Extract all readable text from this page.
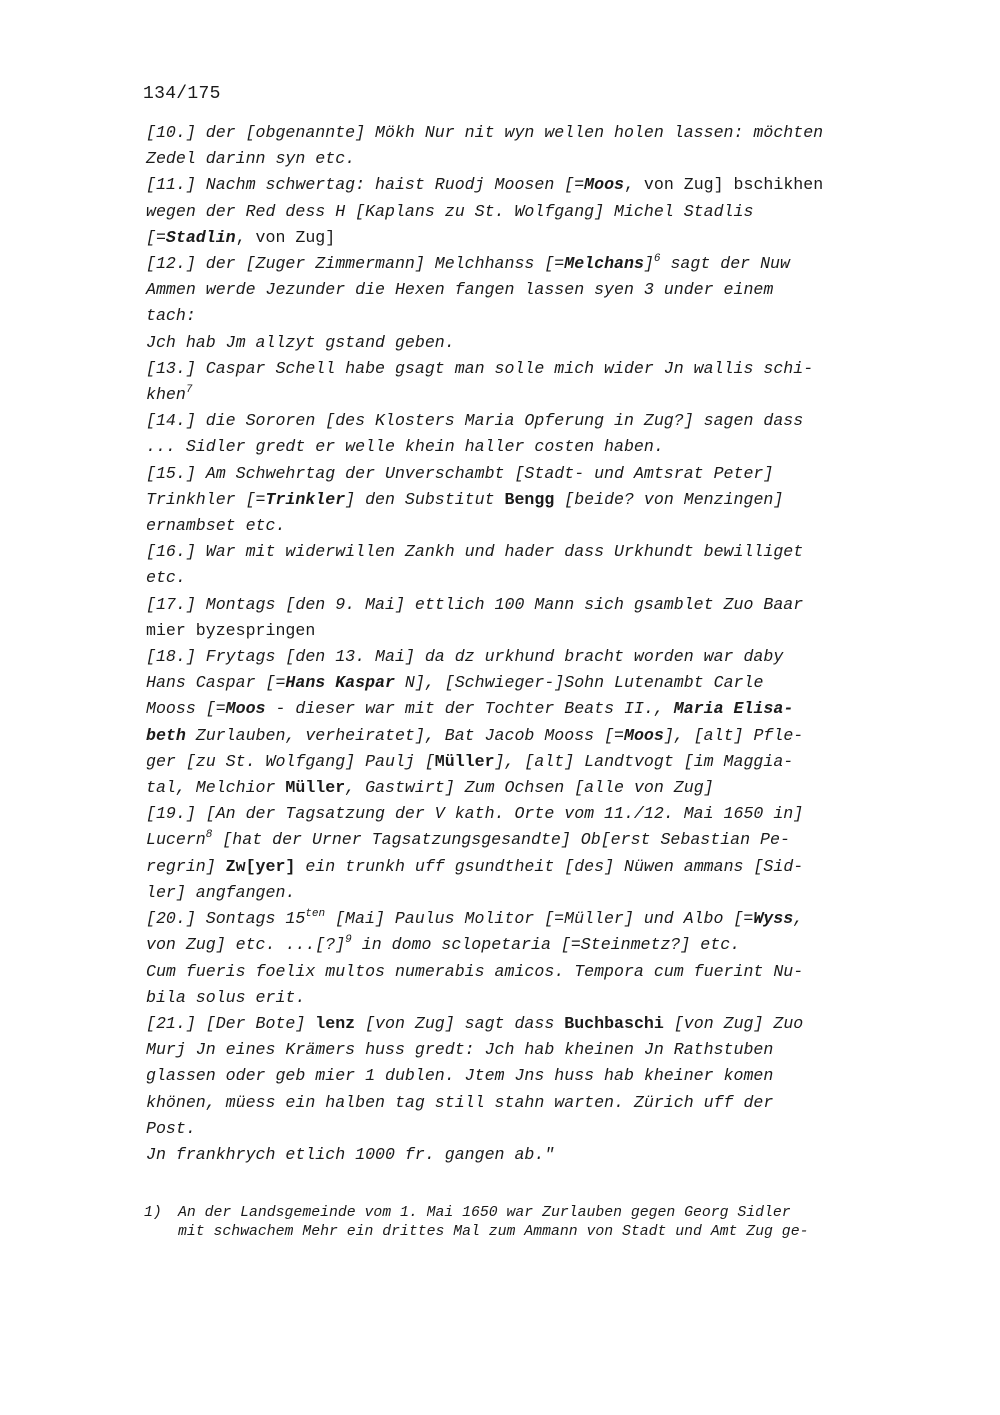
134/175

[10.] der [obgenannte] Mökh Nur nit wyn wellen holen lassen: möchten
Zedel darinn syn etc.

[11.] Nachm schwertag: haist Ruodj Moosen [=Moos, von Zug] bschikhen
wegen der Red dess H [Kaplans zu St. Wolfgang] Michel Stadlis
[=Stadlin, von Zug]

[12.] der [Zuger Zimmermann] Melchhanss [=Melchans]$^6$ sagt der Nuw
Ammen werde Jezunder die Hexen fangen lassen syen 3 under einem
tach:
Jch hab Jm allzyt gstand geben.

[13.] Caspar Schell habe gsagt man solle mich wider Jn wallis schi-
khen$^7$

[14.] die Sororen [des Klosters Maria Opferung in Zug?] sagen dass
... Sidler gredt er welle khein haller costen haben.

[15.] Am Schwehrtag der Unverschambt [Stadt- und Amtsrat Peter]
Trinkhler [=Trinkler] den Substitut Bengg [beide? von Menzingen]
ernambset etc.

[16.] War mit widerwillen Zankh und hader dass Urkhundt bewilliget
etc.

[17.] Montags [den 9. Mai] ettlich 100 Mann sich gsamblet Zuo Baar
mier byzespringen

[18.] Frytags [den 13. Mai] da dz urkhund bracht worden war daby
Hans Caspar [=Hans Kaspar N], [Schwieger-]Sohn Lutenambt Carle
Mooss [=Moos - dieser war mit der Tochter Beats II., Maria Elisa-
beth Zurlauben, verheiratet], Bat Jacob Mooss [=Moos], [alt] Pfle-
ger [zu St. Wolfgang] Paulj [Müller], [alt] Landtvogt [im Maggia-
tal, Melchior Müller, Gastwirt] Zum Ochsen [alle von Zug]

[19.] [An der Tagsatzung der V kath. Orte vom 11./12. Mai 1650 in]
Lucern$^8$ [hat der Urner Tagsatzungsgesandte] Ob[erst Sebastian Pe-
regrin] Zw[yer] ein trunkh uff gsundtheit [des] Nüwen ammans [Sid-
ler] angfangen.

[20.] Sontags $15^{ten}$ [Mai] Paulus Molitor [=Müller] und Albo [=Wyss,
von Zug] etc. ...[?]$^9$ in domo sclopetaria [=Steinmetz?] etc.
Cum fueris foelix multos numerabis amicos. Tempora cum fuerint Nu-
bila solus erit.

[21.] [Der Bote] lenz [von Zug] sagt dass Buchbaschi [von Zug] Zuo
Murj Jn eines Krämers huss gredt: Jch hab kheinen Jn Rathstuben
glassen oder geb mier 1 dublen. Jtem Jns huss hab kheiner komen
khönen, müess ein halben tag still stahn warten. Zürich uff der
Post.
Jn frankhrych etlich 1000 fr. gangen ab."

1) An der Landsgemeinde vom 1. Mai 1650 war Zurlauben gegen Georg Sidler
mit schwachem Mehr ein drittes Mal zum Ammann von Stadt und Amt Zug ge-
